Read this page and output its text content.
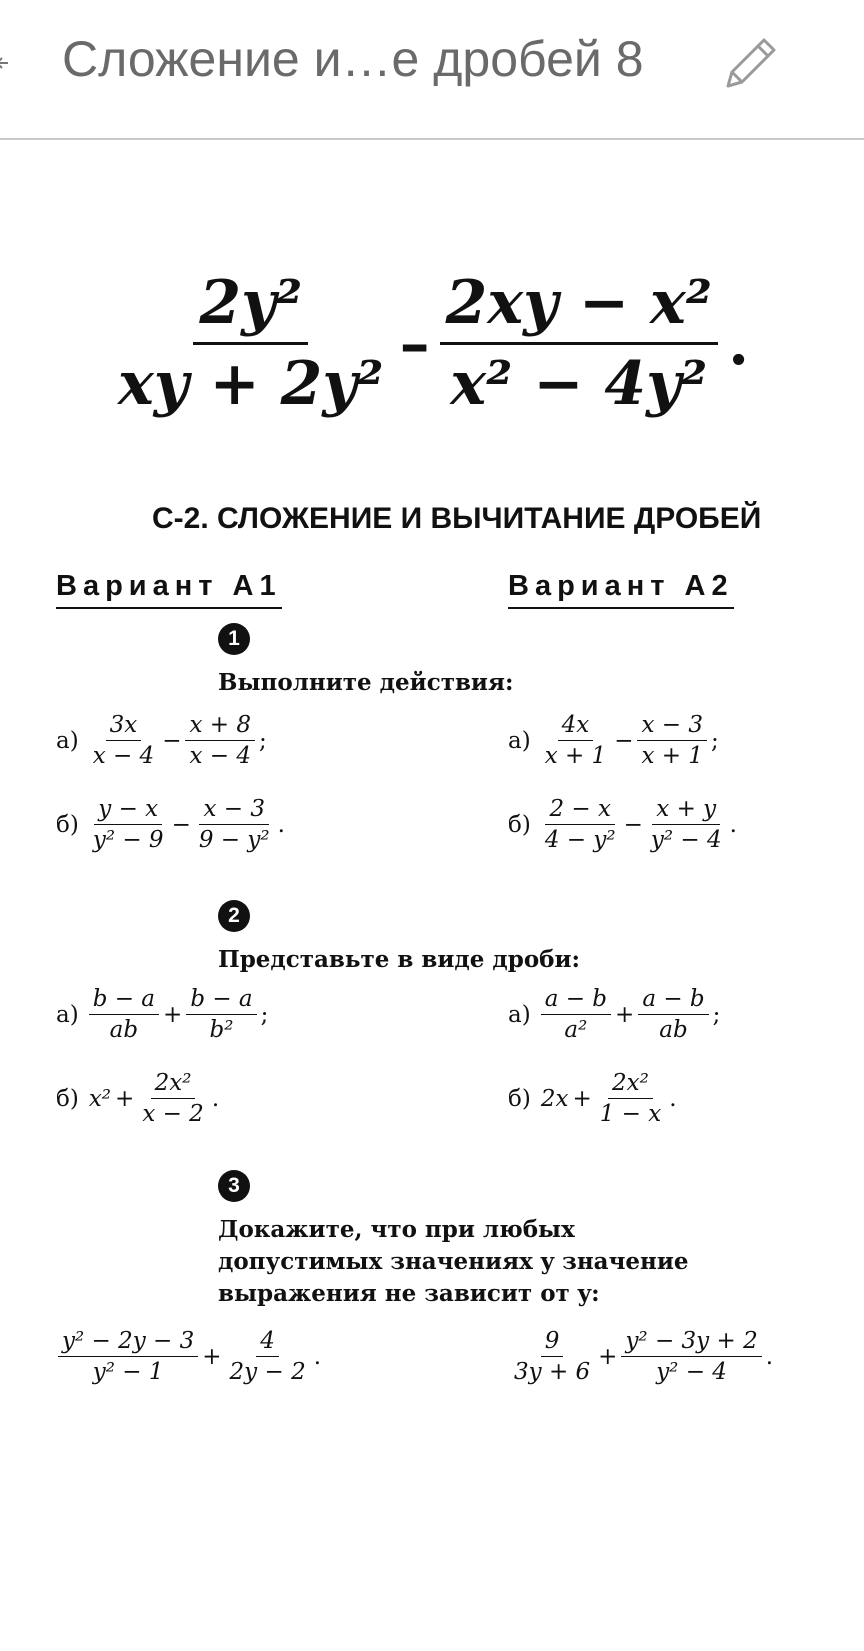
Сложение и…е дробей 8
$\frac{\text{2y²}}{\text{xy + 2y²}} - \frac{\text{2xy − x²}}{\text{x² − 4y²}}$ .
С-2. СЛОЖЕНИЕ И ВЫЧИТАНИЕ ДРОБЕЙ
Вариант А1	Вариант А2
1
Выполните действия:
$а) \frac{3x}{x - 4} - \frac{x + 8}{x - 4}$ ;
$б) \frac{y - x}{\text{y² − 9}} - \frac{x - 3}{\text{9 − y²}}$ .
$а) \frac{4x}{x + 1} - \frac{x - 3}{x + 1}$ ;
$б) \frac{2 - x}{\text{4 − y²}} - \frac{x + y}{\text{y² − 4}}$ .
2
Представьте в виде дроби:
$а) \frac{b - a}{ab} + \frac{b - a}{\text{b²}}$ ;
б) $x^2 + \frac{\text{2x²}}{x - 2}$ .
$а) \frac{a - b}{\text{a²}} + \frac{a - b}{ab}$ ;
б) $2x + \frac{\text{2x²}}{1 - x}$ .
3
Докажите, что при любых
допустимых значениях y значение
выражения не зависит от y:
$\frac{\text{y² − 2y − 3}}{\text{y² − 1}} + \frac{4}{2y - 2}$ .	$\frac{9}{3y + 6} + \frac{\text{y² − 3y + 2}}{\text{y² − 4}}$ .
